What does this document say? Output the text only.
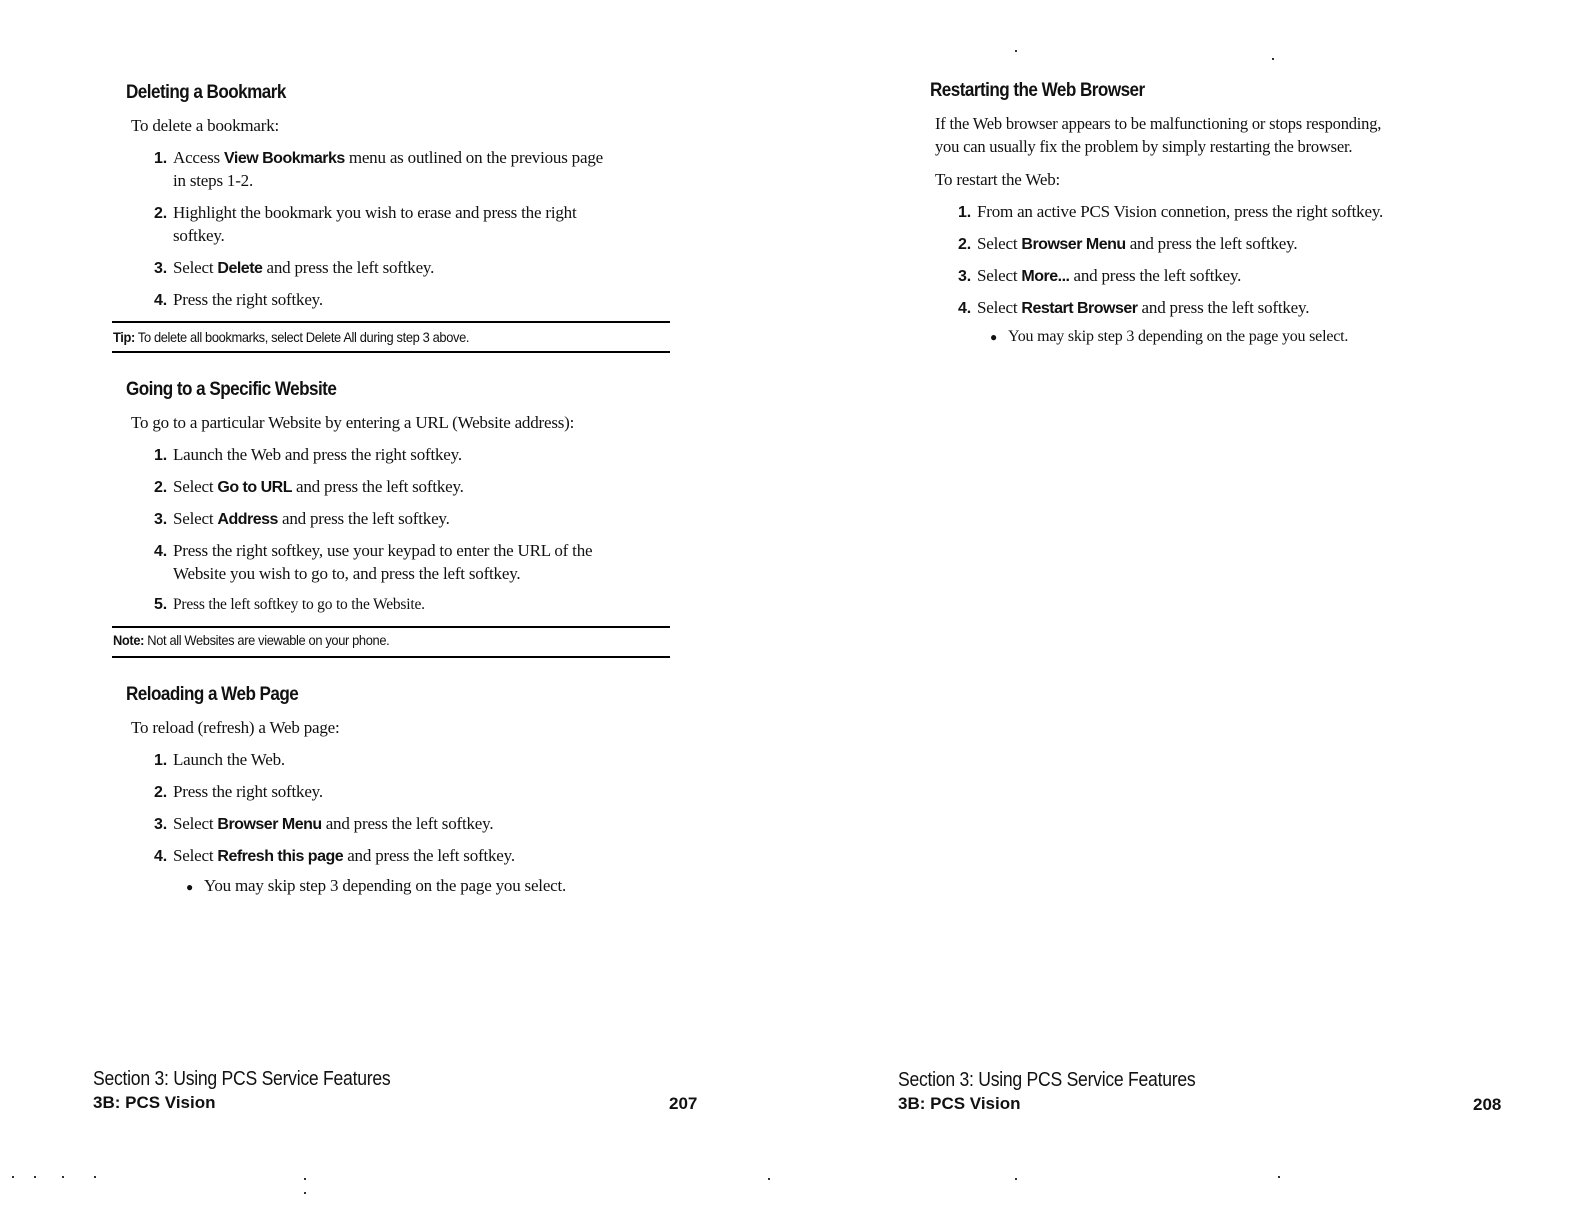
Deleting a Bookmark
To delete a bookmark:
1. Access View Bookmarks menu as outlined on the previous page
in steps 1-2.
2. Highlight the bookmark you wish to erase and press the right
softkey.
3. Select Delete and press the left softkey.
4. Press the right softkey.
Tip: To delete all bookmarks, select Delete All during step 3 above.
Going to a Specific Website
To go to a particular Website by entering a URL (Website address):
1. Launch the Web and press the right softkey.
2. Select Go to URL and press the left softkey.
3. Select Address and press the left softkey.
4. Press the right softkey, use your keypad to enter the URL of the
Website you wish to go to, and press the left softkey.
5. Press the left softkey to go to the Website.
Note: Not all Websites are viewable on your phone.
Reloading a Web Page
To reload (refresh) a Web page:
1. Launch the Web.
2. Press the right softkey.
3. Select Browser Menu and press the left softkey.
4. Select Refresh this page and press the left softkey.
● You may skip step 3 depending on the page you select.
Section 3: Using PCS Service Features
3B: PCS Vision	207
Restarting the Web Browser
If the Web browser appears to be malfunctioning or stops responding,
you can usually fix the problem by simply restarting the browser.
To restart the Web:
1. From an active PCS Vision connetion, press the right softkey.
2. Select Browser Menu and press the left softkey.
3. Select More... and press the left softkey.
4. Select Restart Browser and press the left softkey.
● You may skip step 3 depending on the page you select.
Section 3: Using PCS Service Features
3B: PCS Vision	208
